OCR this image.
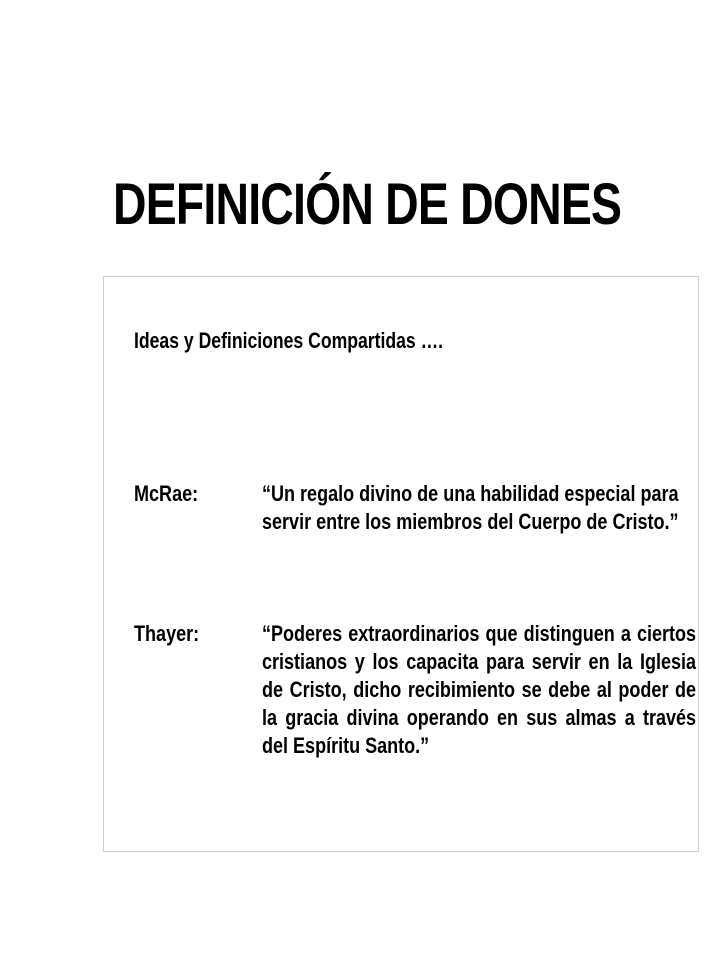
DEFINICIÓN DE DONES

Ideas y Definiciones Compartidas ….

McRae:	“Un regalo divino de una habilidad especial para servir entre los miembros del Cuerpo de Cristo.”

Thayer:	“Poderes extraordinarios que distinguen a ciertos cristianos y los capacita para servir en la Iglesia de Cristo, dicho recibimiento se debe al poder de la gracia divina operando en sus almas a través del Espíritu Santo.”
